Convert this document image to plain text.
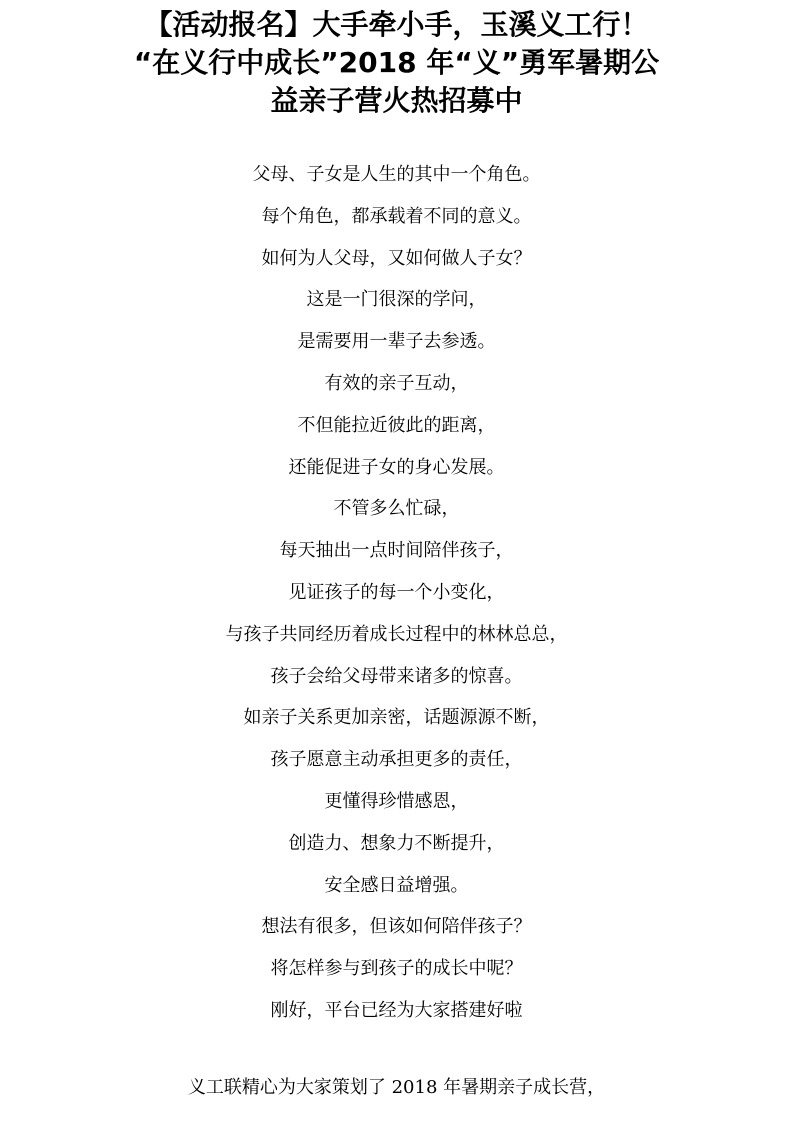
【活动报名】大手牵小手，玉溪义工行！
“在义行中成长”2018 年“义”勇军暑期公
益亲子营火热招募中
父母、子女是人生的其中一个角色。
每个角色，都承载着不同的意义。
如何为人父母，又如何做人子女？
这是一门很深的学问，
是需要用一辈子去参透。
有效的亲子互动，
不但能拉近彼此的距离，
还能促进子女的身心发展。
不管多么忙碌，
每天抽出一点时间陪伴孩子，
见证孩子的每一个小变化，
与孩子共同经历着成长过程中的林林总总，
孩子会给父母带来诸多的惊喜。
如亲子关系更加亲密，话题源源不断，
孩子愿意主动承担更多的责任，
更懂得珍惜感恩，
创造力、想象力不断提升，
安全感日益增强。
想法有很多，但该如何陪伴孩子？
将怎样参与到孩子的成长中呢？
刚好，平台已经为大家搭建好啦
义工联精心为大家策划了 2018 年暑期亲子成长营，
